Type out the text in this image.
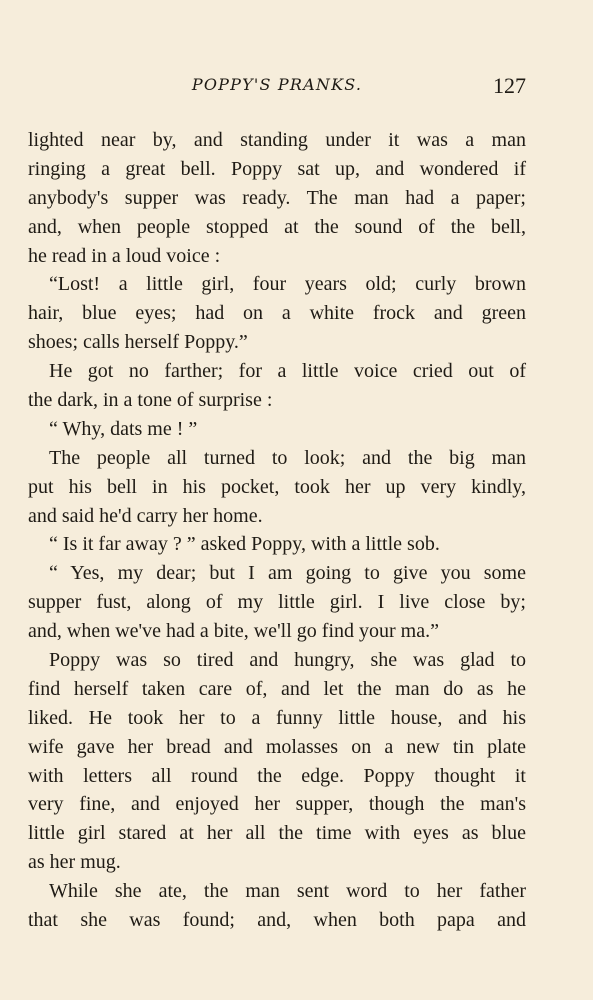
POPPY'S PRANKS.	127
lighted near by, and standing under it was a man
ringing a great bell. Poppy sat up, and wondered if
anybody's supper was ready. The man had a paper;
and, when people stopped at the sound of the bell,
he read in a loud voice :
“Lost! a little girl, four years old; curly brown
hair, blue eyes; had on a white frock and green
shoes; calls herself Poppy.”
He got no farther; for a little voice cried out of
the dark, in a tone of surprise :
“ Why, dats me ! ”
The people all turned to look; and the big man
put his bell in his pocket, took her up very kindly,
and said he'd carry her home.
“ Is it far away ? ” asked Poppy, with a little sob.
“ Yes, my dear; but I am going to give you some
supper fust, along of my little girl. I live close by;
and, when we've had a bite, we'll go find your ma.”
Poppy was so tired and hungry, she was glad to
find herself taken care of, and let the man do as he
liked. He took her to a funny little house, and his
wife gave her bread and molasses on a new tin plate
with letters all round the edge. Poppy thought it
very fine, and enjoyed her supper, though the man's
little girl stared at her all the time with eyes as blue
as her mug.
While she ate, the man sent word to her father
that she was found; and, when both papa and
